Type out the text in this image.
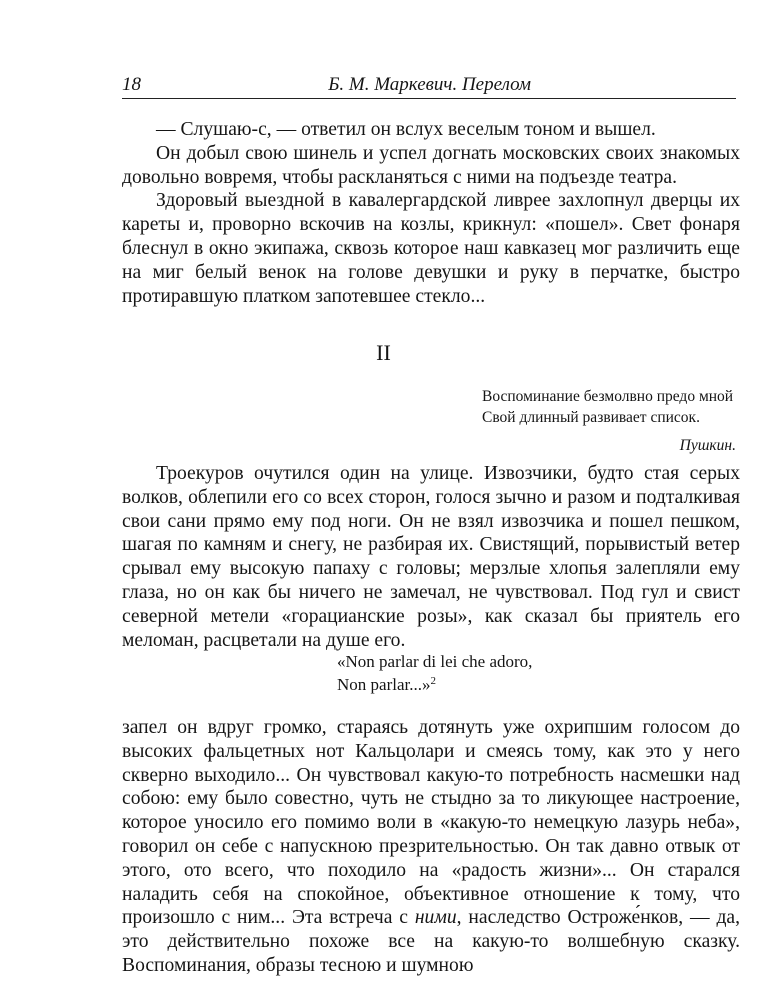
18	Б. М. Маркевич. Перелом

— Слушаю-с, — ответил он вслух веселым тоном и вышел.

Он добыл свою шинель и успел догнать московских своих знакомых довольно вовремя, чтобы раскланяться с ними на подъезде театра.

Здоровый выездной в кавалергардской ливрее захлопнул дверцы их кареты и, проворно вскочив на козлы, крикнул: «пошел». Свет фонаря блеснул в окно экипажа, сквозь которое наш кавказец мог различить еще на миг белый венок на голове девушки и руку в перчатке, быстро протиравшую платком запотевшее стекло...

II
Воспоминание безмолвно предо мной
Свой длинный развивает список.
Пушкин.

Троекуров очутился один на улице. Извозчики, будто стая серых волков, облепили его со всех сторон, голося зычно и разом и подталкивая свои сани прямо ему под ноги. Он не взял извозчика и пошел пешком, шагая по камням и снегу, не разбирая их. Свистящий, порывистый ветер срывал ему высокую папаху с головы; мерзлые хлопья залепляли ему глаза, но он как бы ничего не замечал, не чувствовал. Под гул и свист северной метели «горацианские розы», как сказал бы приятель его меломан, расцветали на душе его.

«Non parlar di lei che adoro,
Non parlar...»$^2$

запел он вдруг громко, стараясь дотянуть уже охрипшим голосом до высоких фальцетных нот Кальцолари и смеясь тому, как это у него скверно выходило... Он чувствовал какую-то потребность насмешки над собою: ему было совестно, чуть не стыдно за то ликующее настроение, которое уносило его помимо воли в «какую-то немецкую лазурь неба», говорил он себе с напускною презрительностью. Он так давно отвык от этого, ото всего, что походило на «радость жизни»... Он старался наладить себя на спокойное, объективное отношение к тому, что произошло с ним... Эта встреча с ними, наследство Остроже́нков, — да, это действительно похоже все на какую-то волшебную сказку. Воспоминания, образы тесною и шумною
